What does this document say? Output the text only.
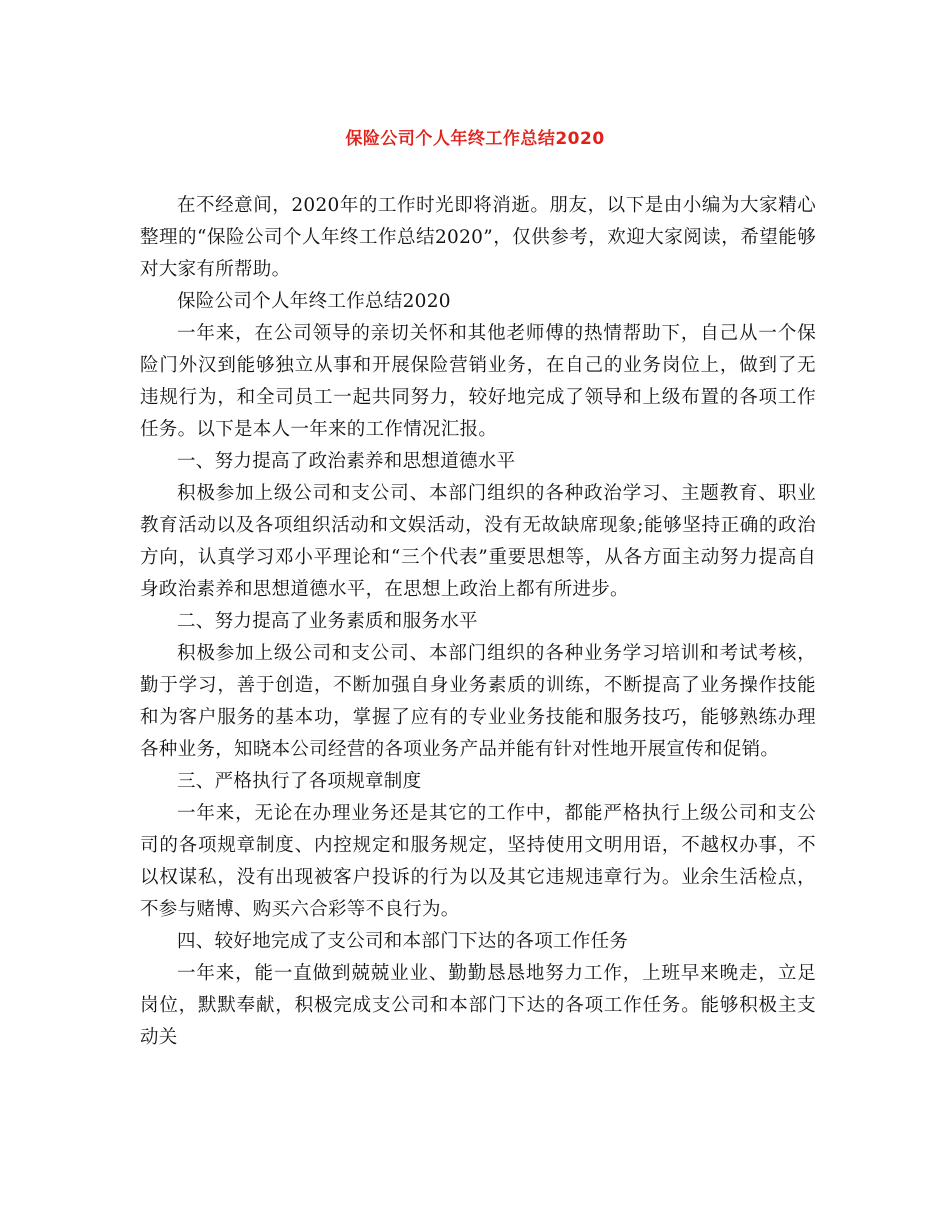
保险公司个人年终工作总结2020

在不经意间，2020年的工作时光即将消逝。朋友，以下是由小编为大家精心整理的“保险公司个人年终工作总结2020”，仅供参考，欢迎大家阅读，希望能够对大家有所帮助。

保险公司个人年终工作总结2020

一年来，在公司领导的亲切关怀和其他老师傅的热情帮助下，自己从一个保险门外汉到能够独立从事和开展保险营销业务，在自己的业务岗位上，做到了无违规行为，和全司员工一起共同努力，较好地完成了领导和上级布置的各项工作任务。以下是本人一年来的工作情况汇报。

一、努力提高了政治素养和思想道德水平

积极参加上级公司和支公司、本部门组织的各种政治学习、主题教育、职业教育活动以及各项组织活动和文娱活动，没有无故缺席现象;能够坚持正确的政治方向，认真学习邓小平理论和“三个代表”重要思想等，从各方面主动努力提高自身政治素养和思想道德水平，在思想上政治上都有所进步。

二、努力提高了业务素质和服务水平

积极参加上级公司和支公司、本部门组织的各种业务学习培训和考试考核，勤于学习，善于创造，不断加强自身业务素质的训练，不断提高了业务操作技能和为客户服务的基本功，掌握了应有的专业业务技能和服务技巧，能够熟练办理各种业务，知晓本公司经营的各项业务产品并能有针对性地开展宣传和促销。

三、严格执行了各项规章制度

一年来，无论在办理业务还是其它的工作中，都能严格执行上级公司和支公司的各项规章制度、内控规定和服务规定，坚持使用文明用语，不越权办事，不以权谋私，没有出现被客户投诉的行为以及其它违规违章行为。业余生活检点，不参与赌博、购买六合彩等不良行为。

四、较好地完成了支公司和本部门下达的各项工作任务

一年来，能一直做到兢兢业业、勤勤恳恳地努力工作，上班早来晚走，立足岗位，默默奉献，积极完成支公司和本部门下达的各项工作任务。能够积极主支动关
